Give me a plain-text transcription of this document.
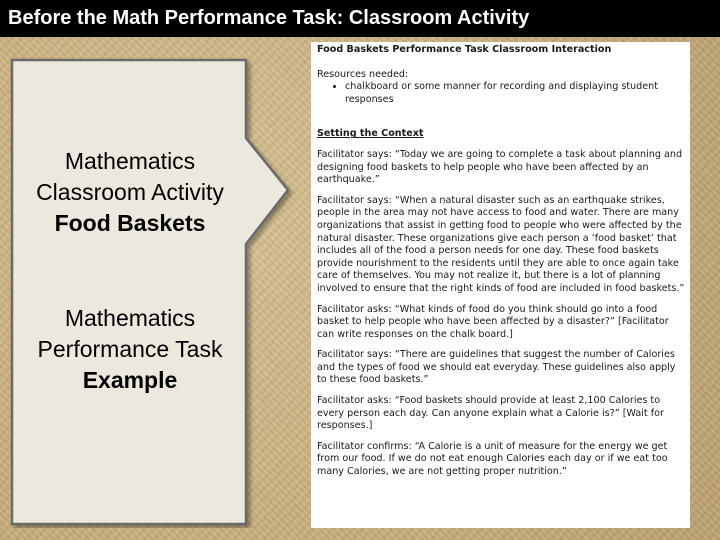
Before the Math Performance Task: Classroom Activity
Mathematics
Classroom Activity
Food Baskets
Mathematics
Performance Task
Example

Food Baskets Performance Task Classroom Interaction

Resources needed:

• chalkboard or some manner for recording and displaying student responses

Setting the Context

Facilitator says: “Today we are going to complete a task about planning and designing food baskets to help people who have been affected by an earthquake.”

Facilitator says: “When a natural disaster such as an earthquake strikes, people in the area may not have access to food and water. There are many organizations that assist in getting food to people who were affected by the natural disaster. These organizations give each person a ‘food basket’ that includes all of the food a person needs for one day. These food baskets provide nourishment to the residents until they are able to once again take care of themselves. You may not realize it, but there is a lot of planning involved to ensure that the right kinds of food are included in food baskets.”

Facilitator asks: “What kinds of food do you think should go into a food basket to help people who have been affected by a disaster?” [Facilitator can write responses on the chalk board.]

Facilitator says: “There are guidelines that suggest the number of Calories and the types of food we should eat everyday. These guidelines also apply to these food baskets.”

Facilitator asks: “Food baskets should provide at least 2,100 Calories to every person each day. Can anyone explain what a Calorie is?” [Wait for responses.]

Facilitator confirms: “A Calorie is a unit of measure for the energy we get from our food. If we do not eat enough Calories each day or if we eat too many Calories, we are not getting proper nutrition.”
